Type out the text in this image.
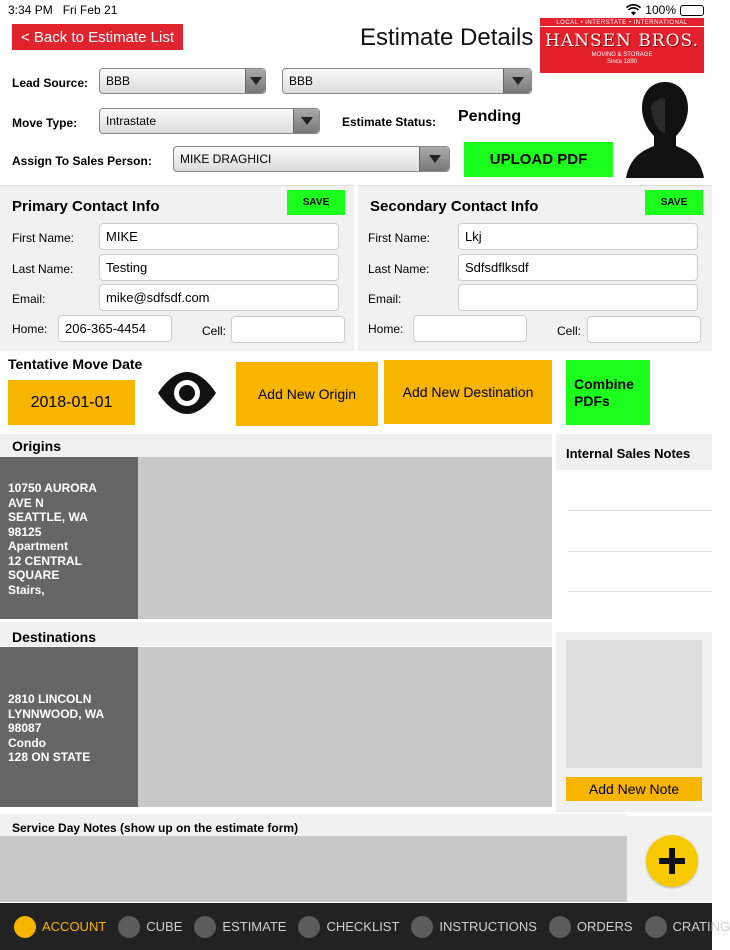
3:34 PM Fri Feb 21	100%
< Back to Estimate List	Estimate Details
LOCAL • INTERSTATE • INTERNATIONAL
HANSEN BROS.
MOVING & STORAGE
Since 1890
Lead Source: BBB	BBB
Move Type: Intrastate	Estimate Status: Pending
Assign To Sales Person: MIKE DRAGHICI	UPLOAD PDF
Primary Contact Info	SAVE
First Name:	MIKE
Last Name:	Testing
Email:	mike@sdfsdf.com
Home:	206-365-4454	Cell:
Secondary Contact Info	SAVE
First Name:	Lkj
Last Name:	Sdfsdflksdf
Email:
Home:	Cell:
Tentative Move Date
2018-01-01	Add New Origin	Add New Destination
Combine
PDFs
Origins
10750 AURORA
AVE N
SEATTLE, WA
98125
Apartment
12 CENTRAL
SQUARE
Stairs,
Destinations
2810 LINCOLN
LYNNWOOD, WA
98087
Condo
128 ON STATE
Internal Sales Notes
Add New Note
Service Day Notes (show up on the estimate form)
ACCOUNT	CUBE	ESTIMATE	CHECKLIST	INSTRUCTIONS	ORDERS	CRATING
